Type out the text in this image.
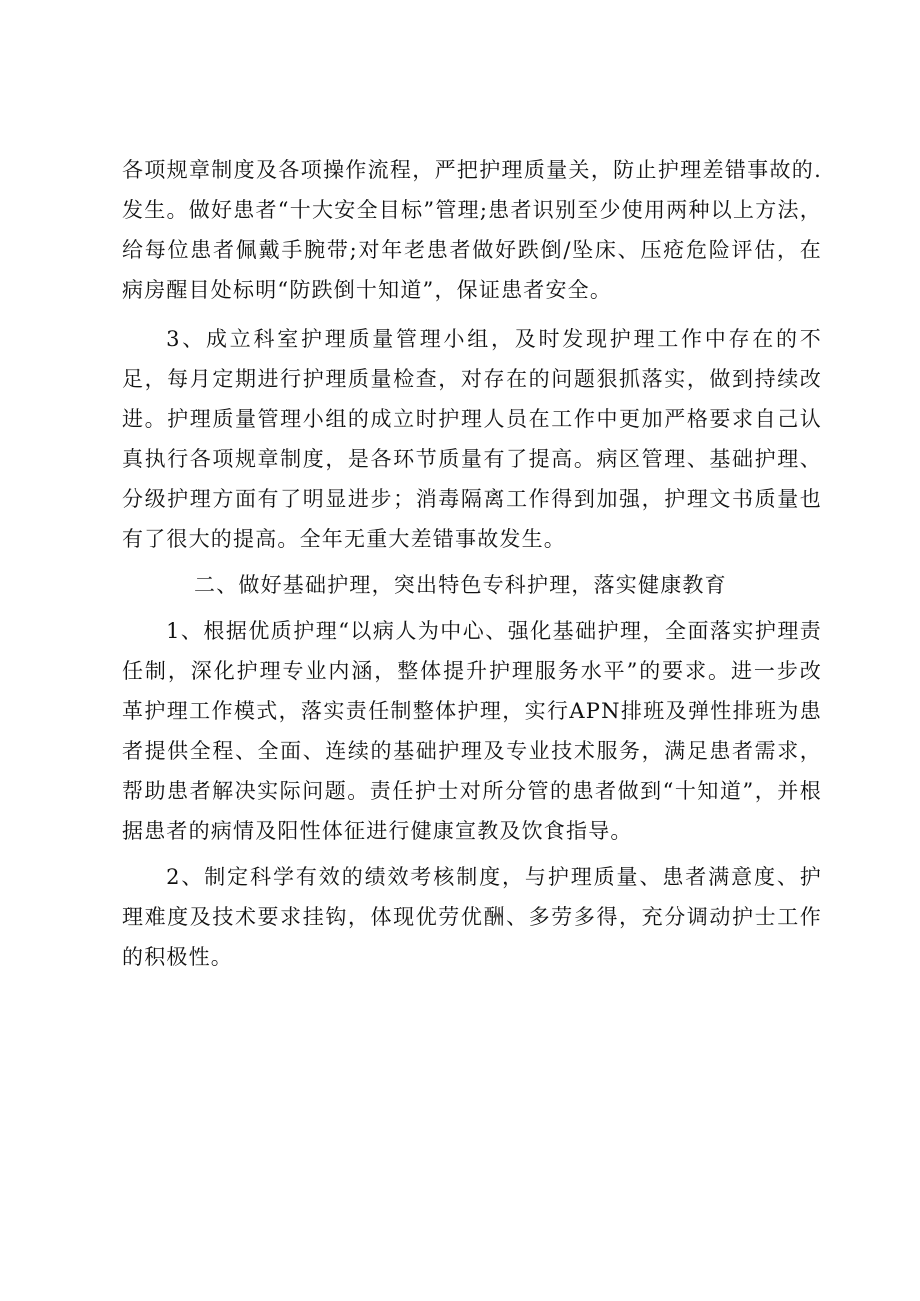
各项规章制度及各项操作流程，严把护理质量关，防止护理差错事故的.发生。做好患者“十大安全目标”管理;患者识别至少使用两种以上方法，给每位患者佩戴手腕带;对年老患者做好跌倒/坠床、压疮危险评估，在病房醒目处标明“防跌倒十知道”，保证患者安全。

3、成立科室护理质量管理小组，及时发现护理工作中存在的不足，每月定期进行护理质量检查，对存在的问题狠抓落实，做到持续改进。护理质量管理小组的成立时护理人员在工作中更加严格要求自己认真执行各项规章制度，是各环节质量有了提高。病区管理、基础护理、分级护理方面有了明显进步；消毒隔离工作得到加强，护理文书质量也有了很大的提高。全年无重大差错事故发生。

二、做好基础护理，突出特色专科护理，落实健康教育

1、根据优质护理“以病人为中心、强化基础护理，全面落实护理责任制，深化护理专业内涵，整体提升护理服务水平”的要求。进一步改革护理工作模式，落实责任制整体护理，实行APN排班及弹性排班为患者提供全程、全面、连续的基础护理及专业技术服务，满足患者需求，帮助患者解决实际问题。责任护士对所分管的患者做到“十知道”，并根据患者的病情及阳性体征进行健康宣教及饮食指导。

2、制定科学有效的绩效考核制度，与护理质量、患者满意度、护理难度及技术要求挂钩，体现优劳优酬、多劳多得，充分调动护士工作的积极性。
